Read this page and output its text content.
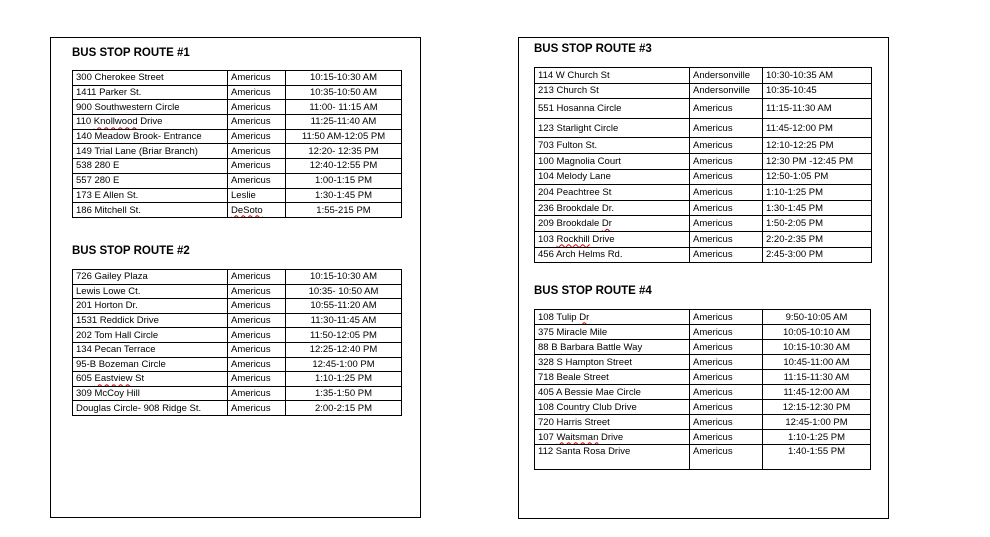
BUS STOP ROUTE #1
300 Cherokee Street	Americus	10:15-10:30 AM
1411 Parker St.	Americus	10:35-10:50 AM
900 Southwestern Circle	Americus	11:00- 11:15 AM
110 Knollwood Drive	Americus	11:25-11:40 AM
140 Meadow Brook- Entrance	Americus	11:50 AM-12:05 PM
149 Trial Lane (Briar Branch)	Americus	12:20- 12:35 PM
538 280 E	Americus	12:40-12:55 PM
557 280 E	Americus	1:00-1:15 PM
173 E Allen St.	Leslie	1:30-1:45 PM
186 Mitchell St.	DeSoto	1:55-215 PM
BUS STOP ROUTE #2
726 Gailey Plaza	Americus	10:15-10:30 AM
Lewis Lowe Ct.	Americus	10:35- 10:50 AM
201 Horton Dr.	Americus	10:55-11:20 AM
1531 Reddick Drive	Americus	11:30-11:45 AM
202 Tom Hall Circle	Americus	11:50-12:05 PM
134 Pecan Terrace	Americus	12:25-12:40 PM
95-B Bozeman Circle	Americus	12:45-1:00 PM
605 Eastview St	Americus	1:10-1:25 PM
309 McCoy Hill	Americus	1:35-1:50 PM
Douglas Circle- 908 Ridge St.	Americus	2:00-2:15 PM
BUS STOP ROUTE #3
114 W Church St	Andersonville	10:30-10:35 AM
213 Church St	Andersonville	10:35-10:45
551 Hosanna Circle	Americus	11:15-11:30 AM
123 Starlight Circle	Americus	11:45-12:00 PM
703 Fulton St.	Americus	12:10-12:25 PM
100 Magnolia Court	Americus	12:30 PM -12:45 PM
104 Melody Lane	Americus	12:50-1:05 PM
204 Peachtree St	Americus	1:10-1:25 PM
236 Brookdale Dr.	Americus	1:30-1:45 PM
209 Brookdale Dr	Americus	1:50-2:05 PM
103 Rockhill Drive	Americus	2:20-2:35 PM
456 Arch Helms Rd.	Americus	2:45-3:00 PM
BUS STOP ROUTE #4
108 Tulip Dr	Americus	9:50-10:05 AM
375 Miracle Mile	Americus	10:05-10:10 AM
88 B Barbara Battle Way	Americus	10:15-10:30 AM
328 S Hampton Street	Americus	10:45-11:00 AM
718 Beale Street	Americus	11:15-11:30 AM
405 A Bessie Mae Circle	Americus	11:45-12:00 AM
108 Country Club Drive	Americus	12:15-12:30 PM
720 Harris Street	Americus	12:45-1:00 PM
107 Waitsman Drive	Americus	1:10-1:25 PM
112 Santa Rosa Drive	Americus	1:40-1:55 PM
